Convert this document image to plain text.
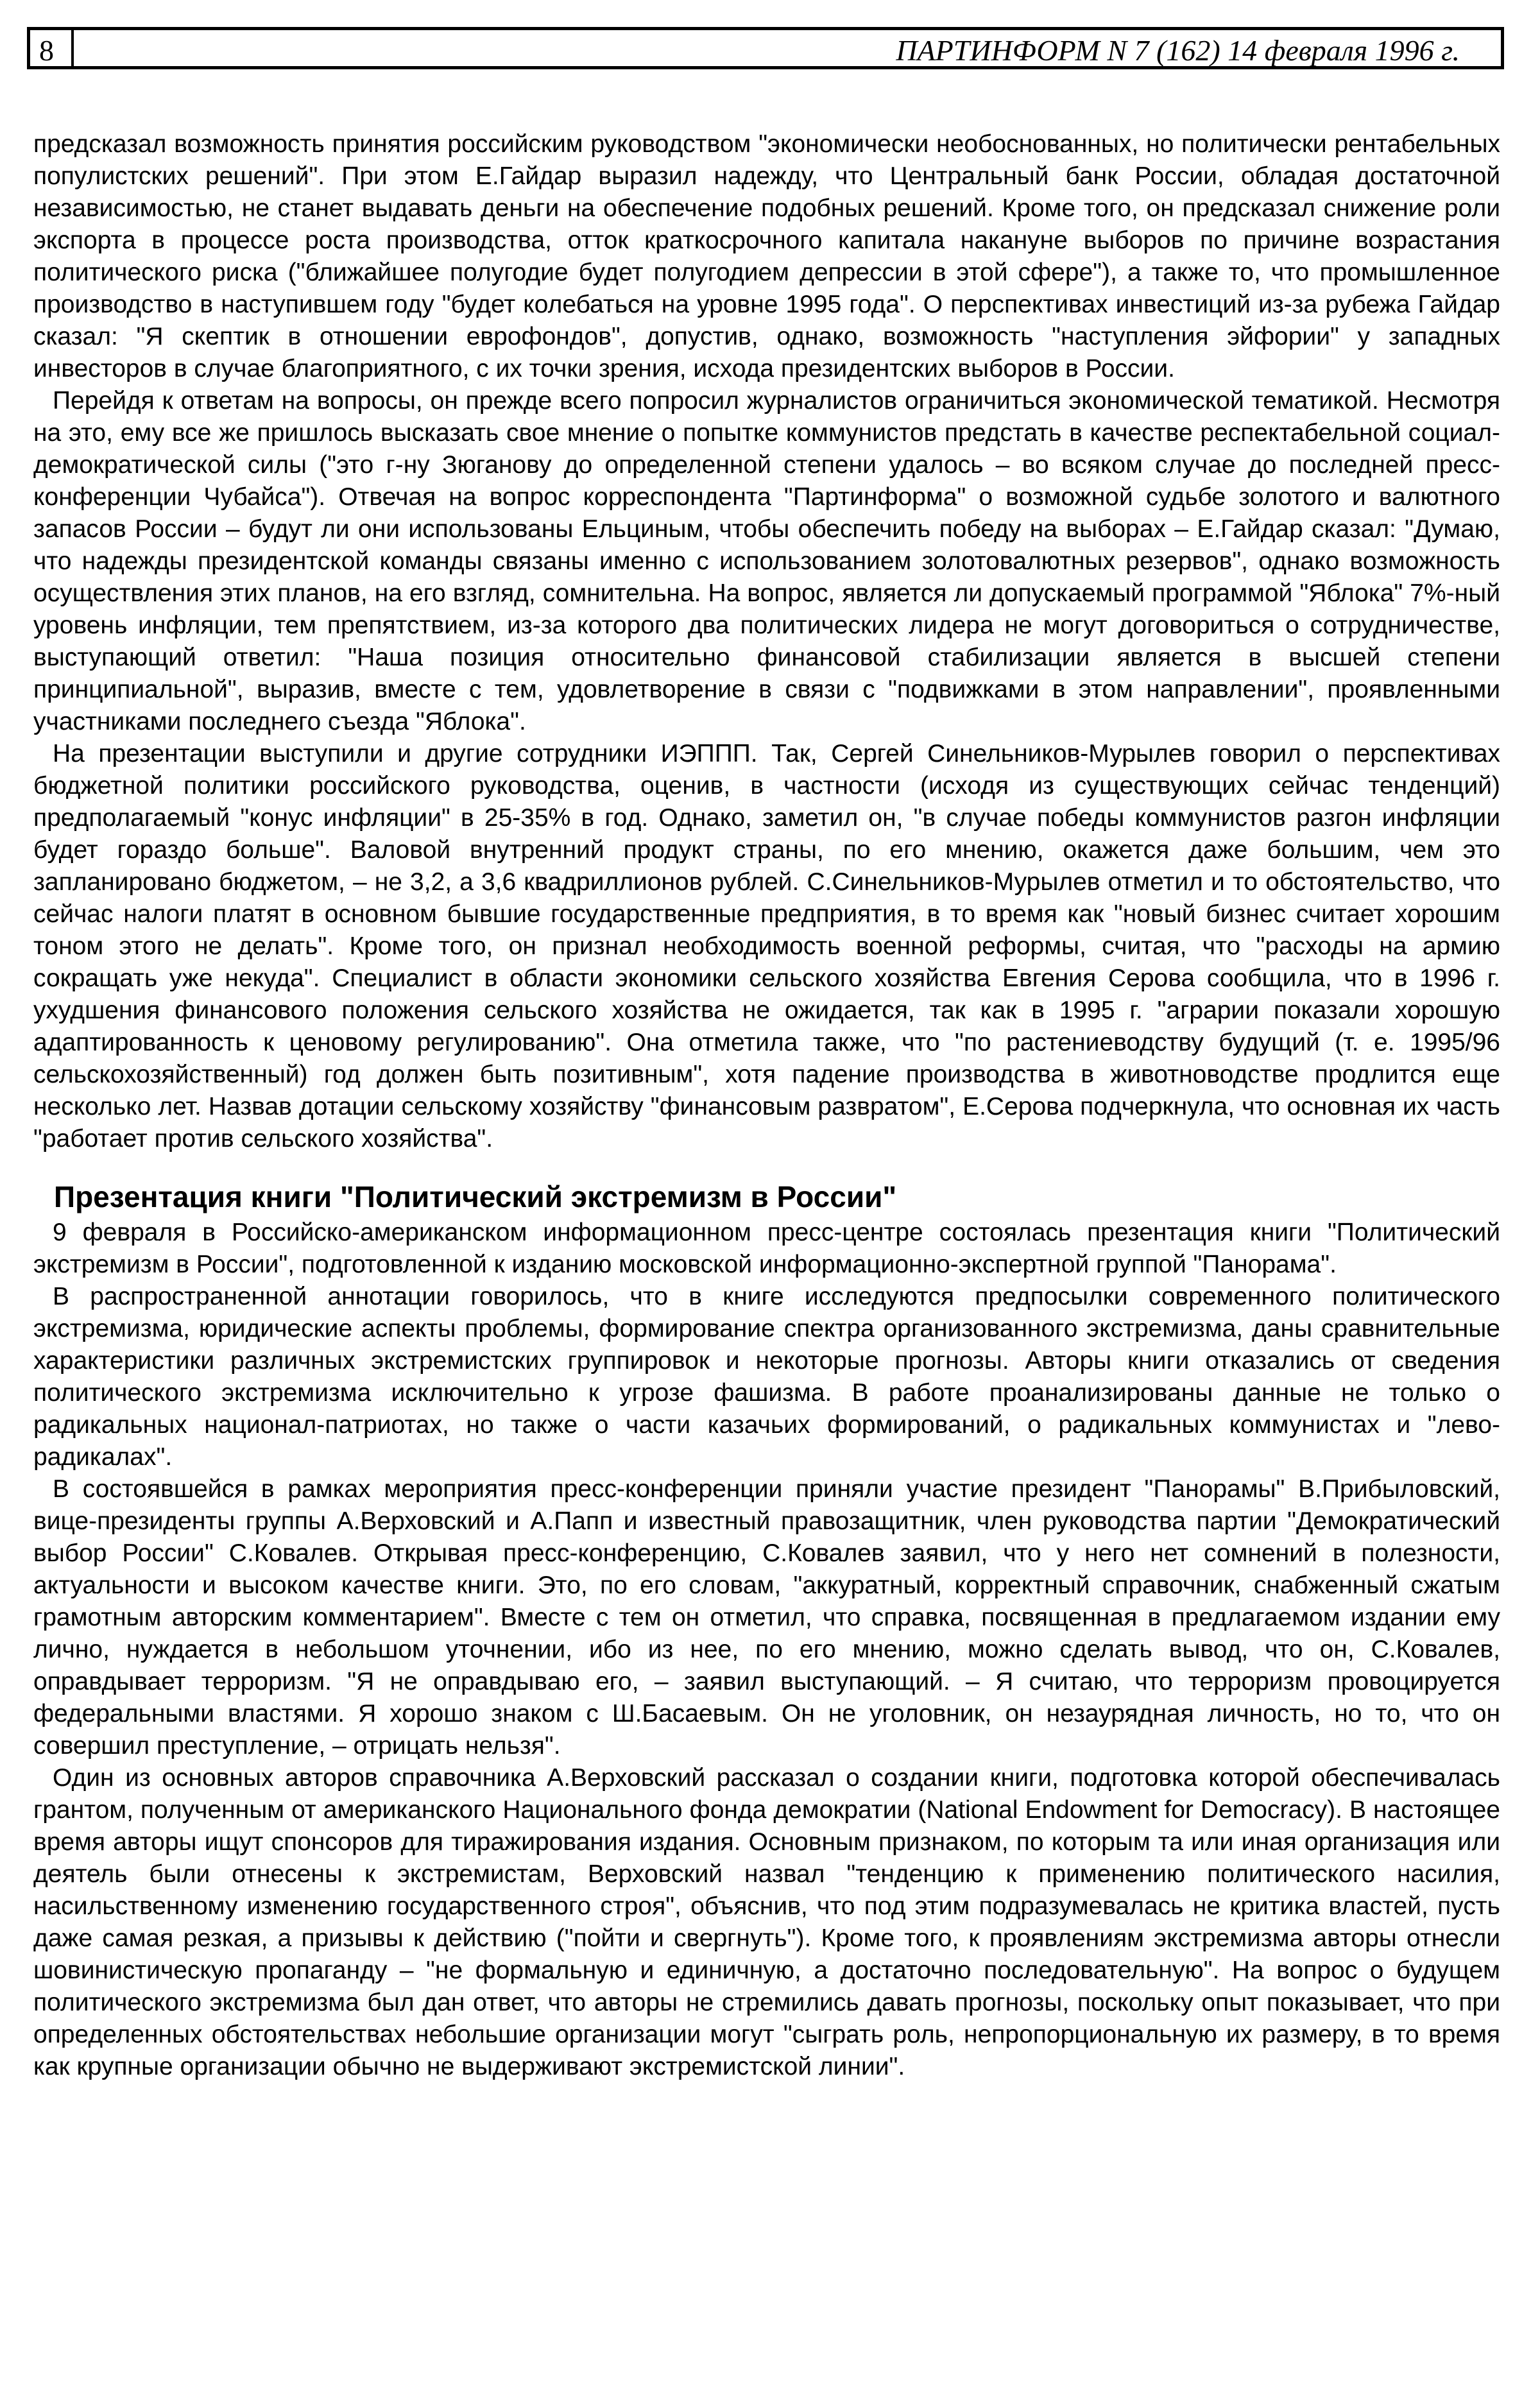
8	ПАРТИНФОРМ N 7 (162) 14 февраля 1996 г.

предсказал возможность принятия российским руководством "экономически необоснованных, но политически рентабельных популистских решений". При этом Е.Гайдар выразил надежду, что Центральный банк России, обладая достаточной независимостью, не станет выдавать деньги на обеспечение подобных решений. Кроме того, он предсказал снижение роли экспорта в процессе роста производства, отток краткосрочного капитала накануне выборов по причине возрастания политического риска ("ближайшее полугодие будет полугодием депрессии в этой сфере"), а также то, что промышленное производство в наступившем году "будет колебаться на уровне 1995 года". О перспективах инвестиций из-за рубежа Гайдар сказал: "Я скептик в отношении еврофондов", допустив, однако, возможность "наступления эйфории" у западных инвесторов в случае благоприятного, с их точки зрения, исхода президентских выборов в России.

Перейдя к ответам на вопросы, он прежде всего попросил журналистов ограничиться экономической тематикой. Несмотря на это, ему все же пришлось высказать свое мнение о попытке коммунистов предстать в качестве респектабельной социал-демократической силы ("это г-ну Зюганову до определенной степени удалось – во всяком случае до последней пресс-конференции Чубайса"). Отвечая на вопрос корреспондента "Партинформа" о возможной судьбе золотого и валютного запасов России – будут ли они использованы Ельциным, чтобы обеспечить победу на выборах – Е.Гайдар сказал: "Думаю, что надежды президентской команды связаны именно с использованием золотовалютных резервов", однако возможность осуществления этих планов, на его взгляд, сомнительна. На вопрос, является ли допускаемый программой "Яблока" 7%-ный уровень инфляции, тем препятствием, из-за которого два политических лидера не могут договориться о сотрудничестве, выступающий ответил: "Наша позиция относительно финансовой стабилизации является в высшей степени принципиальной", выразив, вместе с тем, удовлетворение в связи с "подвижками в этом направлении", проявленными участниками последнего съезда "Яблока".

На презентации выступили и другие сотрудники ИЭППП. Так, Сергей Синельников-Мурылев говорил о перспективах бюджетной политики российского руководства, оценив, в частности (исходя из существующих сейчас тенденций) предполагаемый "конус инфляции" в 25-35% в год. Однако, заметил он, "в случае победы коммунистов разгон инфляции будет гораздо больше". Валовой внутренний продукт страны, по его мнению, окажется даже большим, чем это запланировано бюджетом, – не 3,2, а 3,6 квадриллионов рублей. С.Синельников-Мурылев отметил и то обстоятельство, что сейчас налоги платят в основном бывшие государственные предприятия, в то время как "новый бизнес считает хорошим тоном этого не делать". Кроме того, он признал необходимость военной реформы, считая, что "расходы на армию сокращать уже некуда". Специалист в области экономики сельского хозяйства Евгения Серова сообщила, что в 1996 г. ухудшения финансового положения сельского хозяйства не ожидается, так как в 1995 г. "аграрии показали хорошую адаптированность к ценовому регулированию". Она отметила также, что "по растениеводству будущий (т. е. 1995/96 сельскохозяйственный) год должен быть позитивным", хотя падение производства в животноводстве продлится еще несколько лет. Назвав дотации сельскому хозяйству "финансовым развратом", Е.Серова подчеркнула, что основная их часть "работает против сельского хозяйства".

Презентация книги "Политический экстремизм в России"

9 февраля в Российско-американском информационном пресс-центре состоялась презентация книги "Политический экстремизм в России", подготовленной к изданию московской информационно-экспертной группой "Панорама".

В распространенной аннотации говорилось, что в книге исследуются предпосылки современного политического экстремизма, юридические аспекты проблемы, формирование спектра организованного экстремизма, даны сравнительные характеристики различных экстремистских группировок и некоторые прогнозы. Авторы книги отказались от сведения политического экстремизма исключительно к угрозе фашизма. В работе проанализированы данные не только о радикальных национал-патриотах, но также о части казачьих формирований, о радикальных коммунистах и "лево-радикалах".

В состоявшейся в рамках мероприятия пресс-конференции приняли участие президент "Панорамы" В.Прибыловский, вице-президенты группы А.Верховский и А.Папп и известный правозащитник, член руководства партии "Демократический выбор России" С.Ковалев. Открывая пресс-конференцию, С.Ковалев заявил, что у него нет сомнений в полезности, актуальности и высоком качестве книги. Это, по его словам, "аккуратный, корректный справочник, снабженный сжатым грамотным авторским комментарием". Вместе с тем он отметил, что справка, посвященная в предлагаемом издании ему лично, нуждается в небольшом уточнении, ибо из нее, по его мнению, можно сделать вывод, что он, С.Ковалев, оправдывает терроризм. "Я не оправдываю его, – заявил выступающий. – Я считаю, что терроризм провоцируется федеральными властями. Я хорошо знаком с Ш.Басаевым. Он не уголовник, он незаурядная личность, но то, что он совершил преступление, – отрицать нельзя".

Один из основных авторов справочника А.Верховский рассказал о создании книги, подготовка которой обеспечивалась грантом, полученным от американского Национального фонда демократии (National Endowment for Democracy). В настоящее время авторы ищут спонсоров для тиражирования издания. Основным признаком, по которым та или иная организация или деятель были отнесены к экстремистам, Верховский назвал "тенденцию к применению политического насилия, насильственному изменению государственного строя", объяснив, что под этим подразумевалась не критика властей, пусть даже самая резкая, а призывы к действию ("пойти и свергнуть"). Кроме того, к проявлениям экстремизма авторы отнесли шовинистическую пропаганду – "не формальную и единичную, а достаточно последовательную". На вопрос о будущем политического экстремизма был дан ответ, что авторы не стремились давать прогнозы, поскольку опыт показывает, что при определенных обстоятельствах небольшие организации могут "сыграть роль, непропорциональную их размеру, в то время как крупные организации обычно не выдерживают экстремистской линии".
